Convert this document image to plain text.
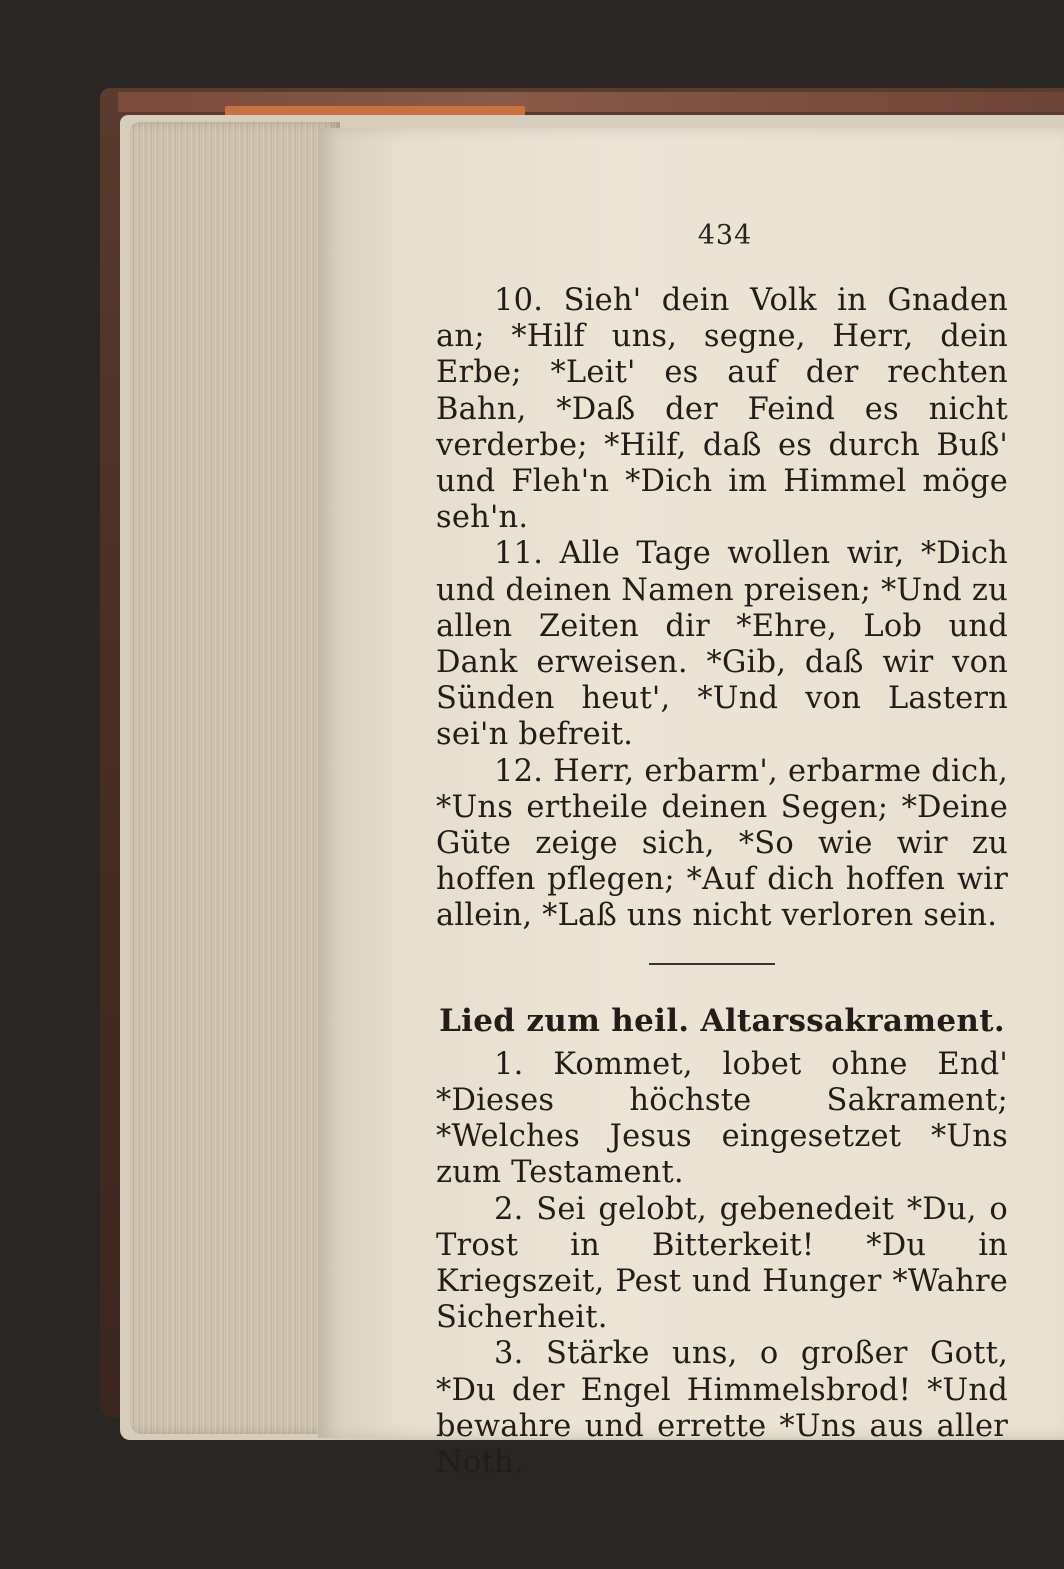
434

10. Sieh' dein Volk in Gnaden an; *Hilf uns, segne, Herr, dein Erbe; *Leit' es auf der rechten Bahn, *Daß der Feind es nicht verderbe; *Hilf, daß es durch Buß' und Fleh'n *Dich im Himmel möge seh'n.

11. Alle Tage wollen wir, *Dich und deinen Namen preisen; *Und zu allen Zeiten dir *Ehre, Lob und Dank erweisen. *Gib, daß wir von Sünden heut', *Und von Lastern sei'n befreit.

12. Herr, erbarm', erbarme dich, *Uns ertheile deinen Segen; *Deine Güte zeige sich, *So wie wir zu hoffen pflegen; *Auf dich hoffen wir allein, *Laß uns nicht verloren sein.

Lied zum heil. Altarssakrament.

1. Kommet, lobet ohne End' *Dieses höchste Sakrament; *Welches Jesus eingesetzet *Uns zum Testament.

2. Sei gelobt, gebenedeit *Du, o Trost in Bitterkeit! *Du in Kriegszeit, Pest und Hunger *Wahre Sicherheit.

3. Stärke uns, o großer Gott, *Du der Engel Himmelsbrod! *Und bewahre und errette *Uns aus aller Noth.
